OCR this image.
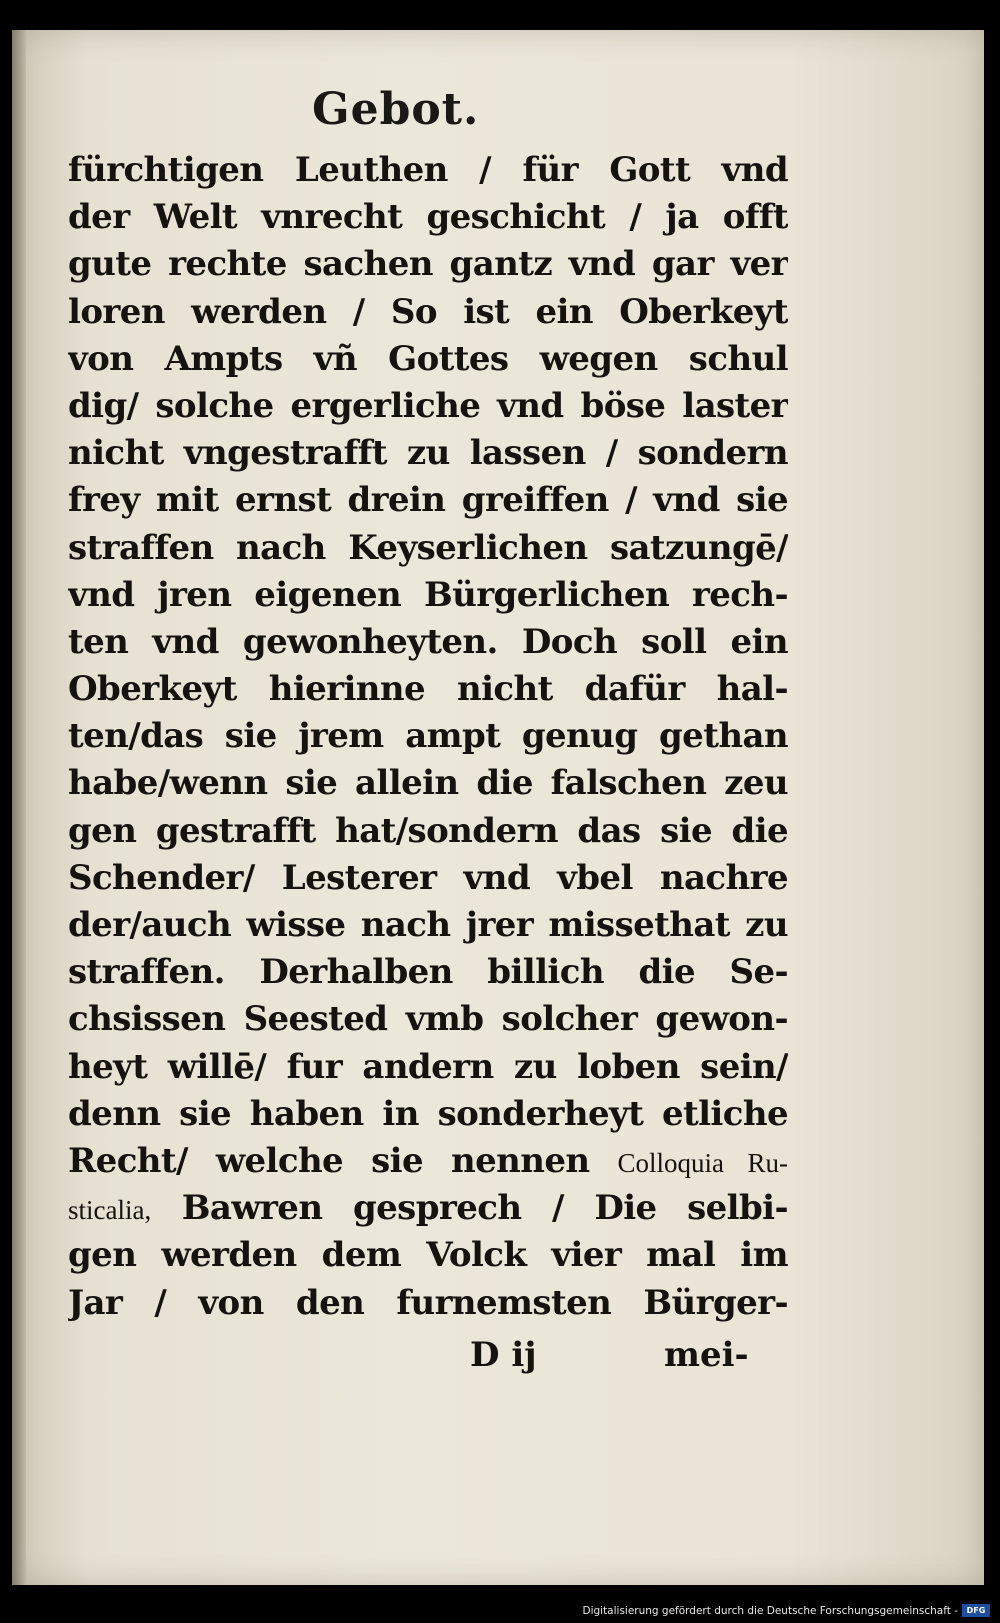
Gebot.
fürchtigen Leuthen / für Gott vnd
der Welt vnrecht geschicht / ja offt
gute rechte sachen gantz vnd gar ver
loren werden / So ist ein Oberkeyt
von Ampts vñ Gottes wegen schul
dig/ solche ergerliche vnd böse laster
nicht vngestrafft zu lassen / sondern
frey mit ernst drein greiffen / vnd sie
straffen nach Keyserlichen satzungē/
vnd jren eigenen Bürgerlichen rech-
ten vnd gewonheyten. Doch soll ein
Oberkeyt hierinne nicht dafür hal-
ten/das sie jrem ampt genug gethan
habe/wenn sie allein die falschen zeu
gen gestrafft hat/sondern das sie die
Schender/ Lesterer vnd vbel nachre
der/auch wisse nach jrer missethat zu
straffen. Derhalben billich die Se-
chsissen Seested vmb solcher gewon-
heyt willē/ fur andern zu loben sein/
denn sie haben in sonderheyt etliche
Recht/ welche sie nennen Colloquia Ru-
sticalia, Bawren gesprech / Die selbi-
gen werden dem Volck vier mal im
Jar / von den furnemsten Bürger-
D ij	mei-
Digitalisierung gefördert durch die Deutsche Forschungsgemeinschaft -	DFG
